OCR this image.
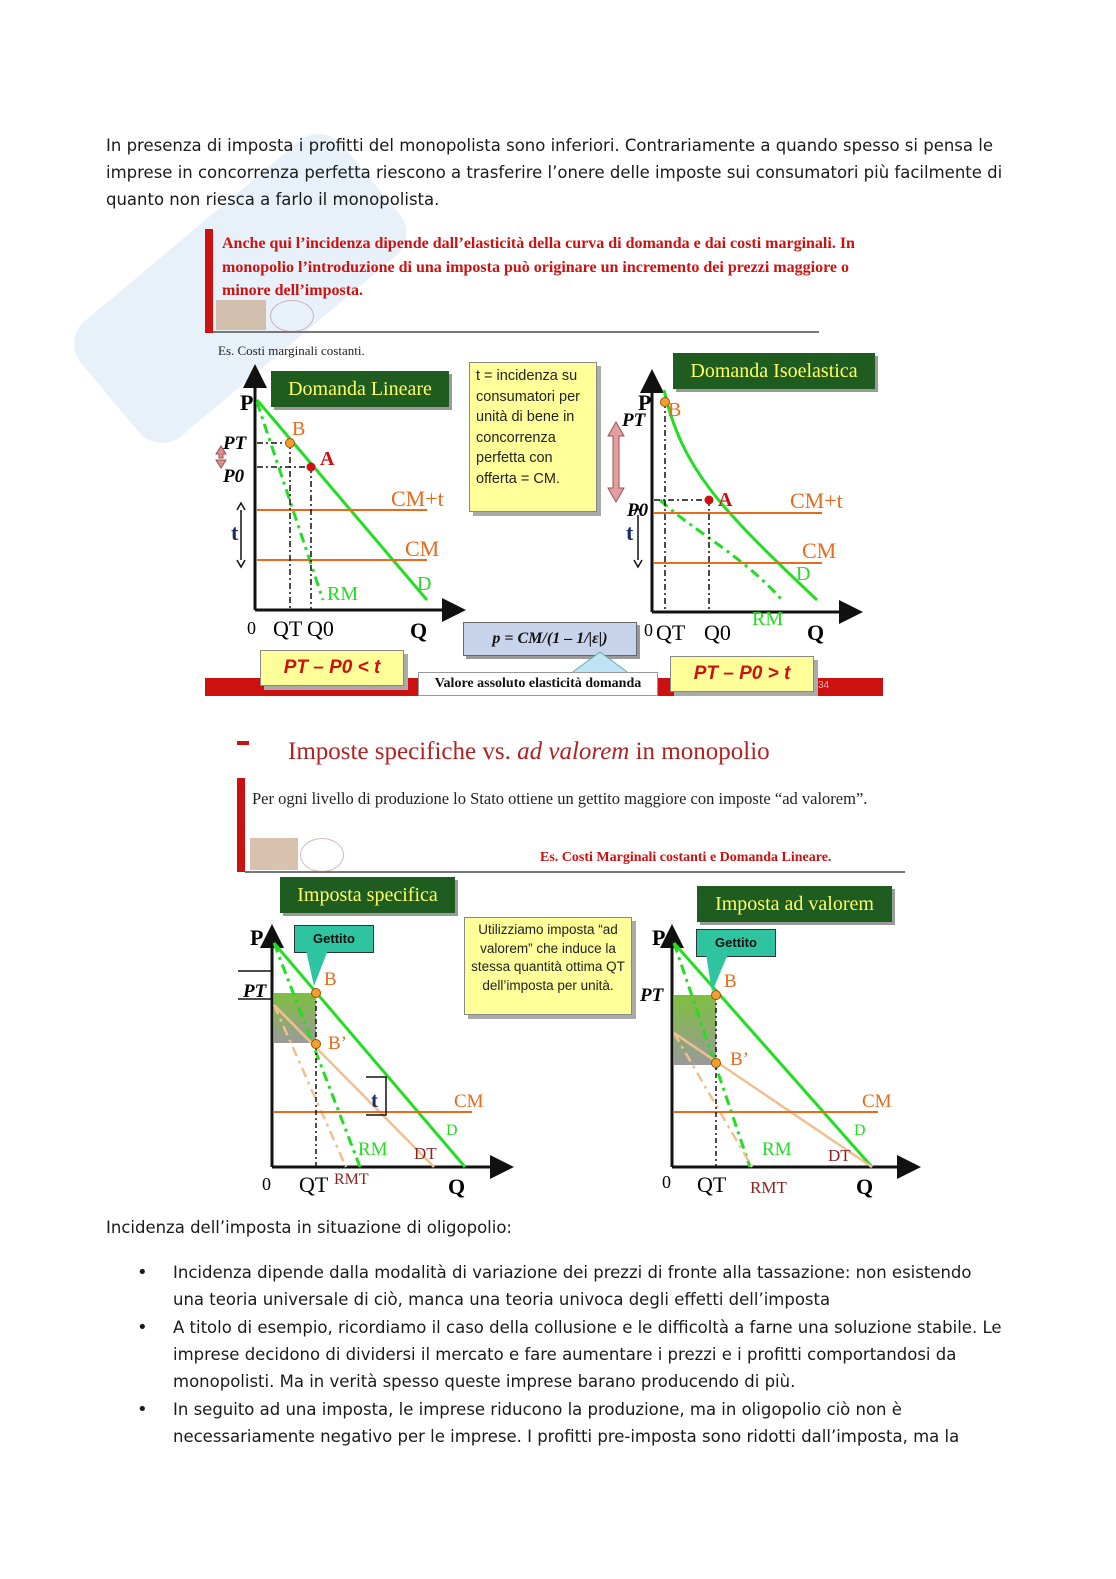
In presenza di imposta i profitti del monopolista sono inferiori. Contrariamente a quando spesso si pensa le imprese in concorrenza perfetta riescono a trasferire l’onere delle imposte sui consumatori più facilmente di quanto non riesca a farlo il monopolista.
Anche qui l’incidenza dipende dall’elasticità della curva di domanda e dai costi marginali. In monopolio l’introduzione di una imposta può originare un incremento dei prezzi maggiore o minore dell’imposta.
Es. Costi marginali costanti.
P
PT
P0
t
B
A
CM+t
CM
D
RM
0 QT Q0	Q
Domanda Lineare
t = incidenza su consumatori per unità di bene in concorrenza perfetta con offerta = CM.
P
PT
P0
t
B
A	CM+t
CM
D
RM
0 QT Q0	Q
Domanda Isoelastica
p = CM/(1 – 1/|ε|)
34
Valore assoluto elasticità domanda
PT – P0 < t	PT – P0 > t
Imposte specifiche vs. ad valorem in monopolio
Per ogni livello di produzione lo Stato ottiene un gettito maggiore con imposte “ad valorem”.
Es. Costi Marginali costanti e Domanda Lineare.
P
PT
B
B’
t	CM
D
DT
RM
RMT
0 QT	Q
Imposta specifica
Gettito
Utilizziamo imposta “ad valorem” che induce la stessa quantità ottima QT dell’imposta per unità.
P
PT
B
B’
CM
D
DT
RM
RMT
0 QT	Q
Imposta ad valorem
Gettito
Incidenza dell’imposta in situazione di oligopolio:
• Incidenza dipende dalla modalità di variazione dei prezzi di fronte alla tassazione: non esistendo una teoria universale di ciò, manca una teoria univoca degli effetti dell’imposta
• A titolo di esempio, ricordiamo il caso della collusione e le difficoltà a farne una soluzione stabile. Le imprese decidono di dividersi il mercato e fare aumentare i prezzi e i profitti comportandosi da monopolisti. Ma in verità spesso queste imprese barano producendo di più.
• In seguito ad una imposta, le imprese riducono la produzione, ma in oligopolio ciò non è necessariamente negativo per le imprese. I profitti pre-imposta sono ridotti dall’imposta, ma la
